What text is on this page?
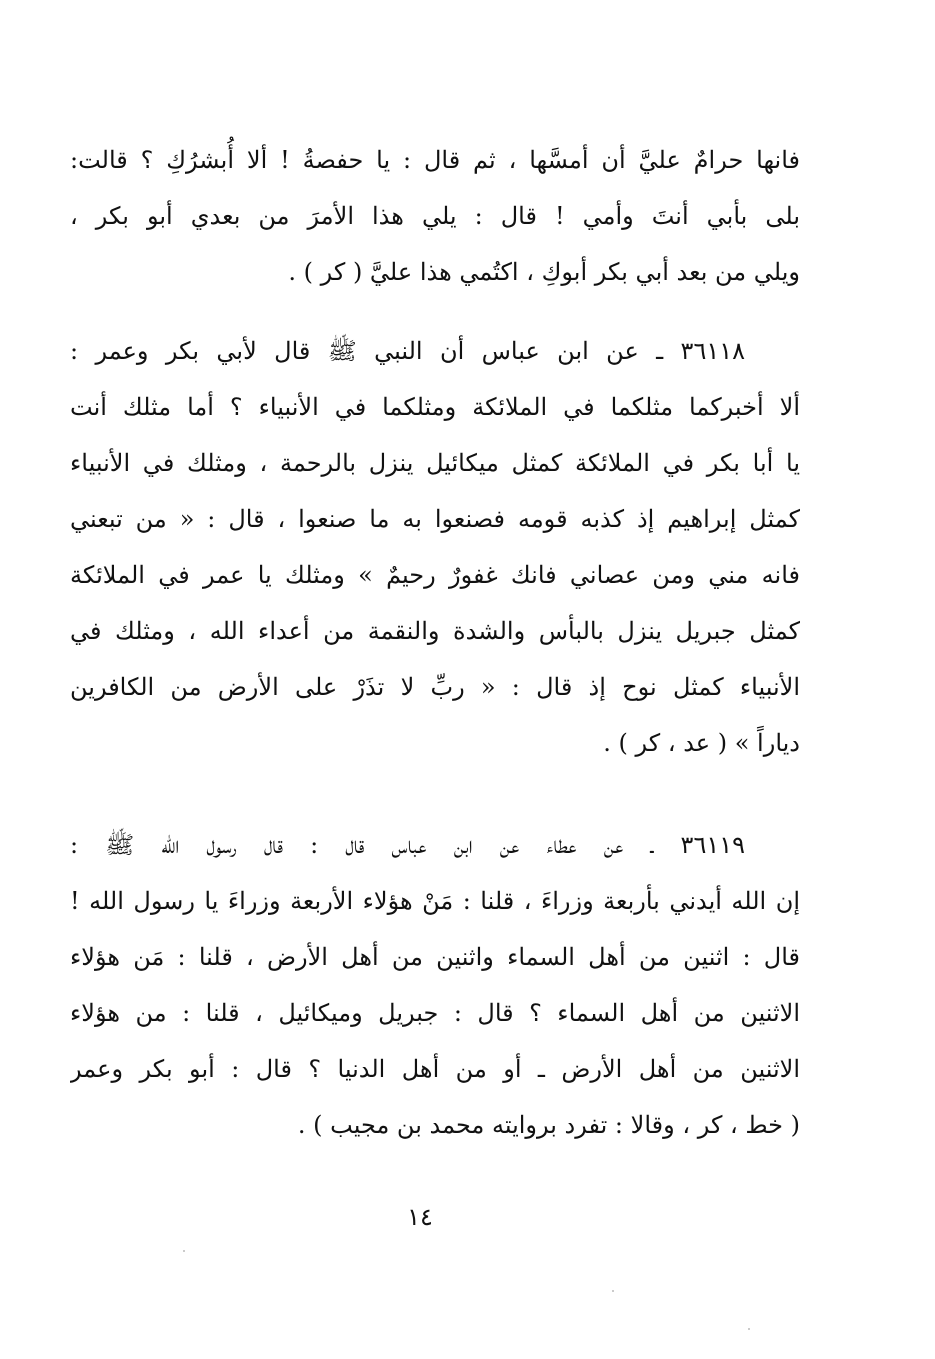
فانها حرامٌ عليَّ أن أمسَّها ، ثم قال : يا حفصةُ ! ألا أُبشرُكِ ؟ قالت:
بلى بأبي أنتَ وأمي ! قال : يلي هذا الأمرَ من بعدي أبو بكر ،
ويلي من بعد أبي بكر أبوكِ ، اكتُمي هذا عليَّ ( كر ) .
٣٦١١٨ ـ عن ابن عباس أن النبي ﷺ قال لأبي بكر وعمر :
ألا أخبركما مثلكما في الملائكة ومثلكما في الأنبياء ؟ أما مثلك أنت
يا أبا بكر في الملائكة كمثل ميكائيل ينزل بالرحمة ، ومثلك في الأنبياء
كمثل إبراهيم إذ كذبه قومه فصنعوا به ما صنعوا ، قال : « من تبعني
فانه مني ومن عصاني فانك غفورٌ رحيمٌ » ومثلك يا عمر في الملائكة
كمثل جبريل ينزل بالبأس والشدة والنقمة من أعداء الله ، ومثلك في
الأنبياء كمثل نوح إذ قال : « ربِّ لا تذَرْ على الأرض من الكافرين
دياراً » ( عد ، كر ) .
٣٦١١٩ ـ عن عطاء عن ابن عباس قال : قال رسول الله ﷺ :
إن الله أيدني بأربعة وزراءَ ، قلنا : مَنْ هؤلاء الأربعة وزراءَ يا رسول الله !
قال : اثنين من أهل السماء واثنين من أهل الأرض ، قلنا : مَن هؤلاء
الاثنين من أهل السماء ؟ قال : جبريل وميكائيل ، قلنا : من هؤلاء
الاثنين من أهل الأرض ـ أو من أهل الدنيا ؟ قال : أبو بكر وعمر
( خط ، كر ، وقالا : تفرد بروايته محمد بن مجيب ) .
١٤
